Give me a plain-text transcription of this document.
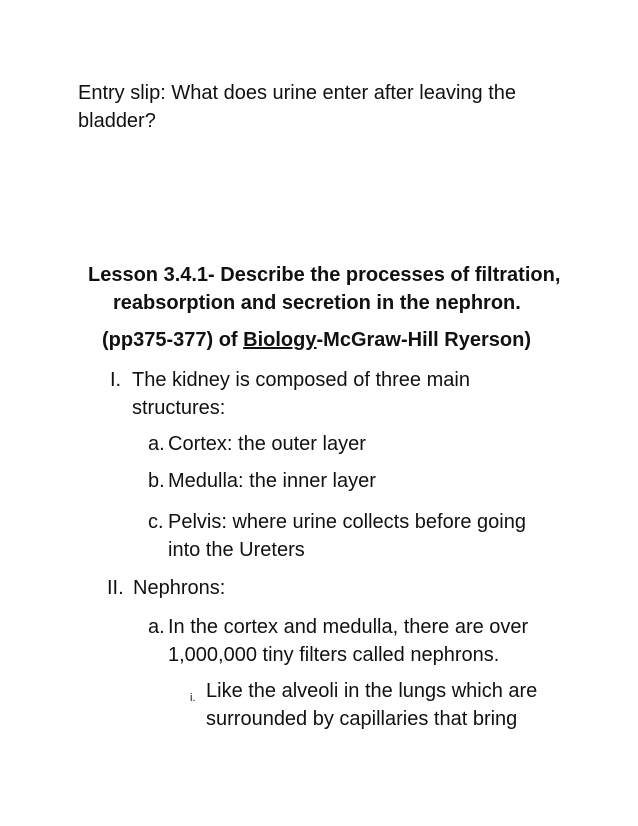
Entry slip: What does urine enter after leaving the
bladder?
Lesson 3.4.1- Describe the processes of filtration,
reabsorption and secretion in the nephron.
(pp375-377) of Biology-McGraw-Hill Ryerson)
I. The kidney is composed of three main
structures:
a. Cortex: the outer layer
b. Medulla: the inner layer
c. Pelvis: where urine collects before going
into the Ureters
II. Nephrons:
a. In the cortex and medulla, there are over
1,000,000 tiny filters called nephrons.
i. Like the alveoli in the lungs which are
surrounded by capillaries that bring
